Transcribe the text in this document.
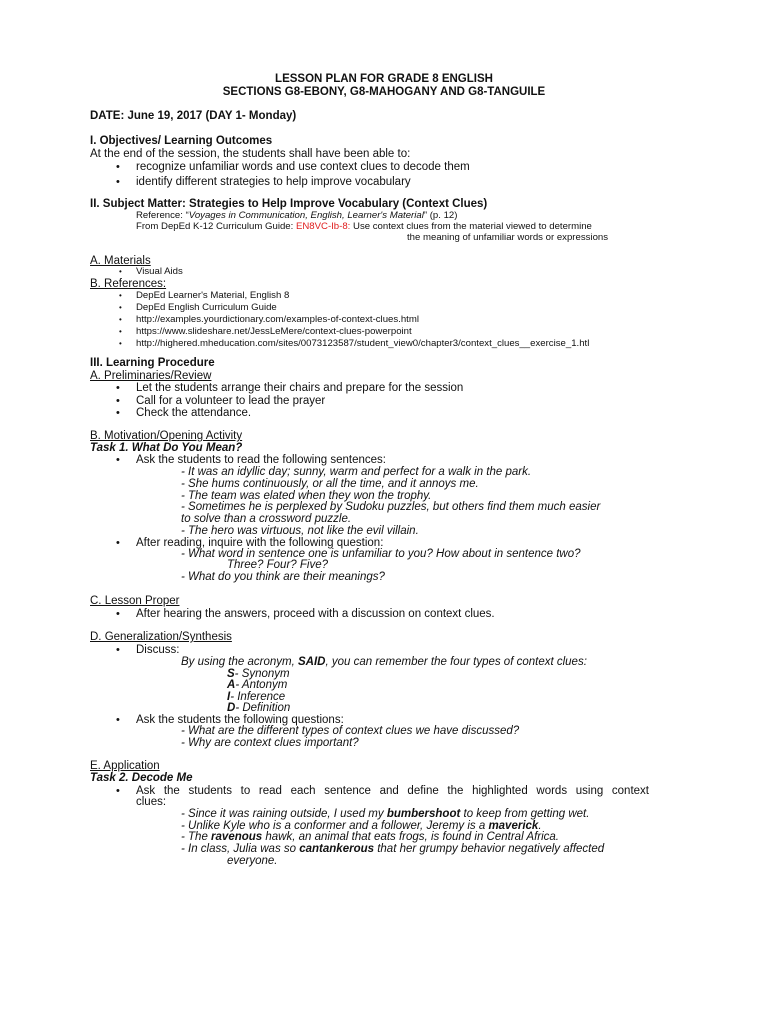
LESSON PLAN FOR GRADE 8 ENGLISH
SECTIONS G8-EBONY, G8-MAHOGANY AND G8-TANGUILE
DATE: June 19, 2017 (DAY 1- Monday)
I. Objectives/ Learning Outcomes
At the end of the session, the students shall have been able to:
• recognize unfamiliar words and use context clues to decode them
• identify different strategies to help improve vocabulary
II. Subject Matter: Strategies to Help Improve Vocabulary (Context Clues)
Reference: “Voyages in Communication, English, Learner's Material” (p. 12)
From DepEd K-12 Curriculum Guide: EN8VC-Ib-8: Use context clues from the material viewed to determine
the meaning of unfamiliar words or expressions
A. Materials
• Visual Aids
B. References:
• DepEd Learner's Material, English 8
• DepEd English Curriculum Guide
• http://examples.yourdictionary.com/examples-of-context-clues.html
• https://www.slideshare.net/JessLeMere/context-clues-powerpoint
• http://highered.mheducation.com/sites/0073123587/student_view0/chapter3/context_clues__exercise_1.htl
III. Learning Procedure
A. Preliminaries/Review
• Let the students arrange their chairs and prepare for the session
• Call for a volunteer to lead the prayer
• Check the attendance.
B. Motivation/Opening Activity
Task 1. What Do You Mean?
• Ask the students to read the following sentences:
- It was an idyllic day; sunny, warm and perfect for a walk in the park.
- She hums continuously, or all the time, and it annoys me.
- The team was elated when they won the trophy.
- Sometimes he is perplexed by Sudoku puzzles, but others find them much easier
to solve than a crossword puzzle.
- The hero was virtuous, not like the evil villain.
• After reading, inquire with the following question:
- What word in sentence one is unfamiliar to you? How about in sentence two?
Three? Four? Five?
- What do you think are their meanings?
C. Lesson Proper
• After hearing the answers, proceed with a discussion on context clues.
D. Generalization/Synthesis
• Discuss:
By using the acronym, SAID, you can remember the four types of context clues:
S- Synonym
A- Antonym
I- Inference
D- Definition
• Ask the students the following questions:
- What are the different types of context clues we have discussed?
- Why are context clues important?
E. Application
Task 2. Decode Me
• Ask the students to read each sentence and define the highlighted words using context
clues:
- Since it was raining outside, I used my bumbershoot to keep from getting wet.
- Unlike Kyle who is a conformer and a follower, Jeremy is a maverick.
- The ravenous hawk, an animal that eats frogs, is found in Central Africa.
- In class, Julia was so cantankerous that her grumpy behavior negatively affected
everyone.
